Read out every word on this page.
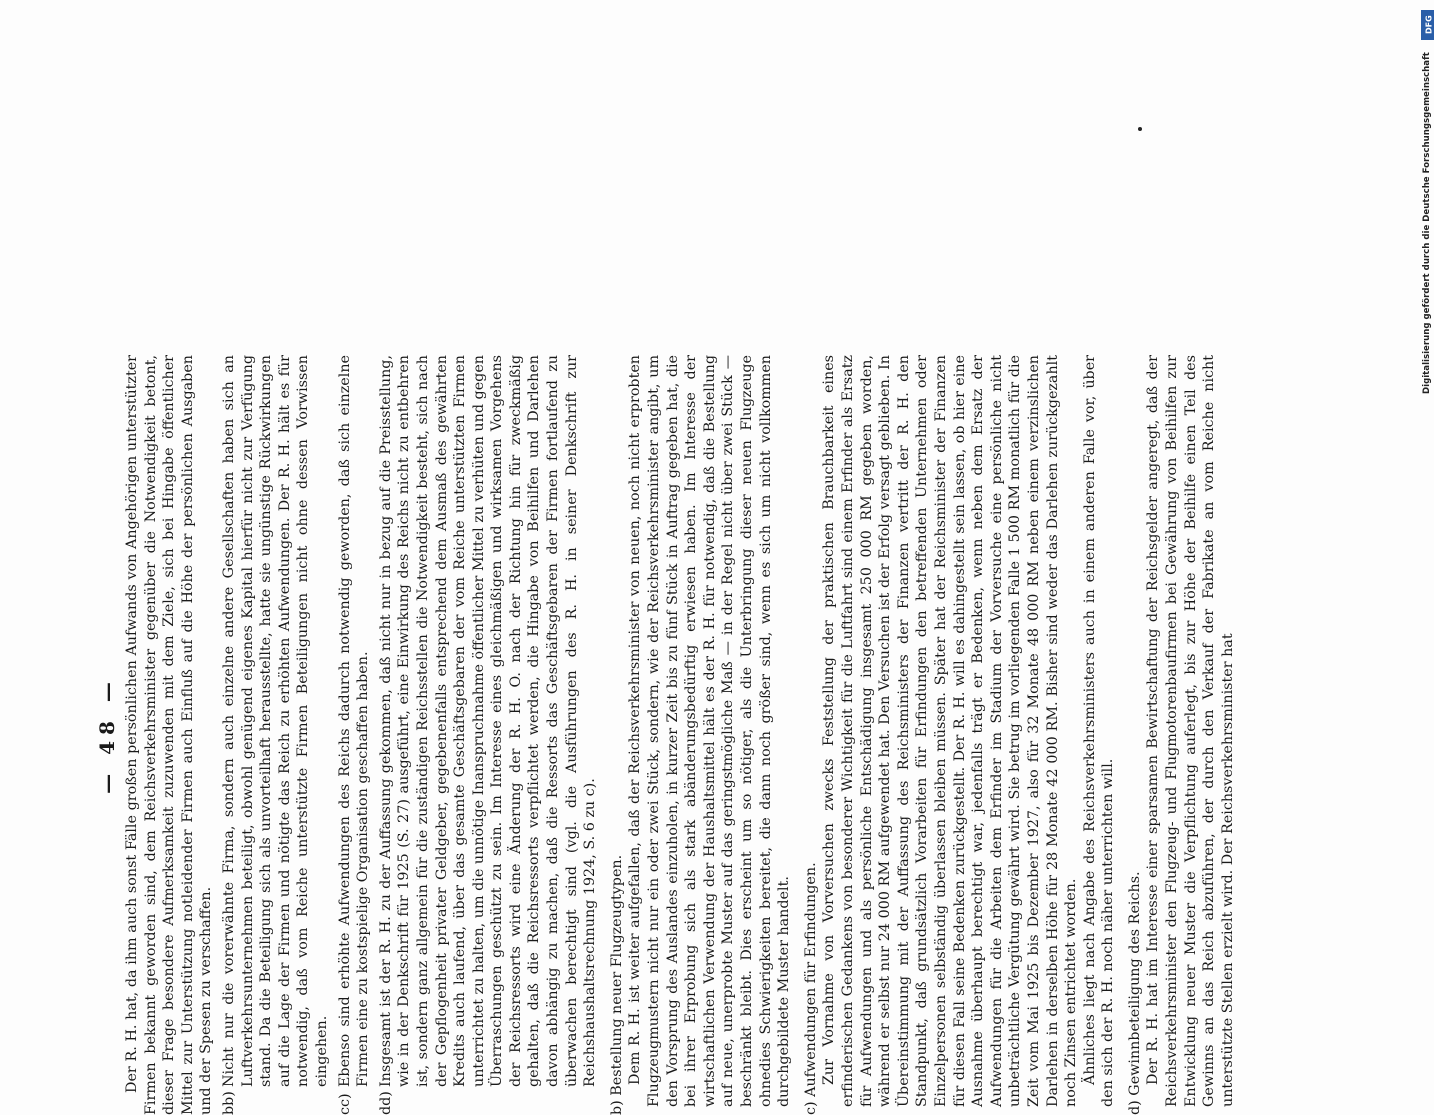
— 48 — Der R. H. hat, da ihm auch sonst Fälle großen persönlichen Aufwands von Angehörigen unterstützter Firmen bekannt geworden sind, dem Reichsverkehrsminister gegenüber die Notwendigkeit betont, dieser Frage besondere Aufmerksamkeit zuzuwenden mit dem Ziele, sich bei Hingabe öffentlicher Mittel zur Unterstützung notleidender Firmen auch Einfluß auf die Höhe der persönlichen Ausgaben und der Spesen zu verschaffen. bb)
Nicht nur die vorerwähnte Firma, sondern auch einzelne andere Gesellschaften haben sich an Luftverkehrsunternehmen beteiligt, obwohl genügend eigenes Kapital hierfür nicht zur Verfügung stand. Da die Beteiligung sich als unvorteilhaft herausstellte, hatte sie ungünstige Rückwirkungen auf die Lage der Firmen und nötigte das Reich zu erhöhten Aufwendungen. Der R. H. hält es für notwendig, daß vom Reiche unterstützte Firmen Beteiligungen nicht ohne dessen Vorwissen eingehen.
cc)
Ebenso sind erhöhte Aufwendungen des Reichs dadurch notwendig geworden, daß sich einzelne Firmen eine zu kostspielige Organisation geschaffen haben.
dd)
Insgesamt ist der R. H. zu der Auffassung gekommen, daß nicht nur in bezug auf die Preisstellung, wie in der Denkschrift für 1925 (S. 27) ausgeführt, eine Einwirkung des Reichs nicht zu entbehren ist, sondern ganz allgemein für die zuständigen Reichsstellen die Notwendigkeit besteht, sich nach der Gepflogenheit privater Geldgeber, gegebenenfalls entsprechend dem Ausmaß des gewährten Kredits auch laufend, über das gesamte Geschäftsgebaren der vom Reiche unterstützten Firmen unterrichtet zu halten, um die unnötige Inanspruchnahme öffentlicher Mittel zu verhüten und gegen Überraschungen geschützt zu sein. Im Interesse eines gleichmäßigen und wirksamen Vorgehens der Reichsressorts wird eine Änderung der R. H. O. nach der Richtung hin für zweckmäßig gehalten, daß die Reichsressorts verpflichtet werden, die Hingabe von Beihilfen und Darlehen davon abhängig zu machen, daß die Ressorts das Geschäftsgebaren der Firmen fortlaufend zu überwachen berechtigt sind (vgl. die Ausführungen des R. H. in seiner Denkschrift zur Reichshaushaltsrechnung 1924, S. 6 zu c).
b) Bestellung neuer Flugzeugtypen. Dem R. H. ist weiter aufgefallen, daß der Reichsverkehrsminister von neuen, noch nicht erprobten Flugzeugmustern nicht nur ein oder zwei Stück, sondern, wie der Reichsverkehrsminister angibt, um den Vorsprung des Auslandes einzuholen, in kurzer Zeit bis zu fünf Stück in Auftrag gegeben hat, die bei ihrer Erprobung sich als stark abänderungsbedürftig erwiesen haben. Im Interesse der wirtschaftlichen Verwendung der Haushaltsmittel hält es der R. H. für notwendig, daß die Bestellung auf neue, unerprobte Muster auf das geringstmögliche Maß — in der Regel nicht über zwei Stück — beschränkt bleibt. Dies erscheint um so nötiger, als die Unterbringung dieser neuen Flugzeuge ohnedies Schwierigkeiten bereitet, die dann noch größer sind, wenn es sich um nicht vollkommen durchgebildete Muster handelt.

c) Aufwendungen für Erfindungen. Zur Vornahme von Vorversuchen zwecks Feststellung der praktischen Brauchbarkeit eines erfinderischen Gedankens von besonderer Wichtigkeit für die Luftfahrt sind einem Erfinder als Ersatz für Aufwendungen und als persönliche Entschädigung insgesamt 250 000 RM gegeben worden, während er selbst nur 24 000 RM aufgewendet hat. Den Versuchen ist der Erfolg versagt geblieben. In Übereinstimmung mit der Auffassung des Reichsministers der Finanzen vertritt der R. H. den Standpunkt, daß grundsätzlich Vorarbeiten für Erfindungen den betreffenden Unternehmen oder Einzelpersonen selbständig überlassen bleiben müssen. Später hat der Reichsminister der Finanzen für diesen Fall seine Bedenken zurückgestellt. Der R. H. will es dahingestellt sein lassen, ob hier eine Ausnahme überhaupt berechtigt war, jedenfalls trägt er Bedenken, wenn neben dem Ersatz der Aufwendungen für die Arbeiten dem Erfinder im Stadium der Vorversuche eine persönliche nicht unbeträchtliche Vergütung gewährt wird. Sie betrug im vorliegenden Falle 1 500 RM monatlich für die Zeit vom Mai 1925 bis Dezember 1927, also für 32 Monate 48 000 RM neben einem verzinslichen Darlehen in derselben Höhe für 28 Monate 42 000 RM. Bisher sind weder das Darlehen zurückgezahlt noch Zinsen entrichtet worden. Ähnliches liegt nach Angabe des Reichsverkehrsministers auch in einem anderen Falle vor, über den sich der R. H. noch näher unterrichten will.

d) Gewinnbeteiligung des Reichs. Der R. H. hat im Interesse einer sparsamen Bewirtschaftung der Reichsgelder angeregt, daß der Reichsverkehrsminister den Flugzeug- und Flugmotorenbaufirmen bei Gewährung von Beihilfen zur Entwicklung neuer Muster die Verpflichtung auferlegt, bis zur Höhe der Beihilfe einen Teil des Gewinns an das Reich abzuführen, der durch den Verkauf der Fabrikate an vom Reiche nicht unterstützte Stellen erzielt wird. Der Reichsverkehrsminister hat

DFG
Digitalisierung gefördert durch die Deutsche Forschungsgemeinschaft
